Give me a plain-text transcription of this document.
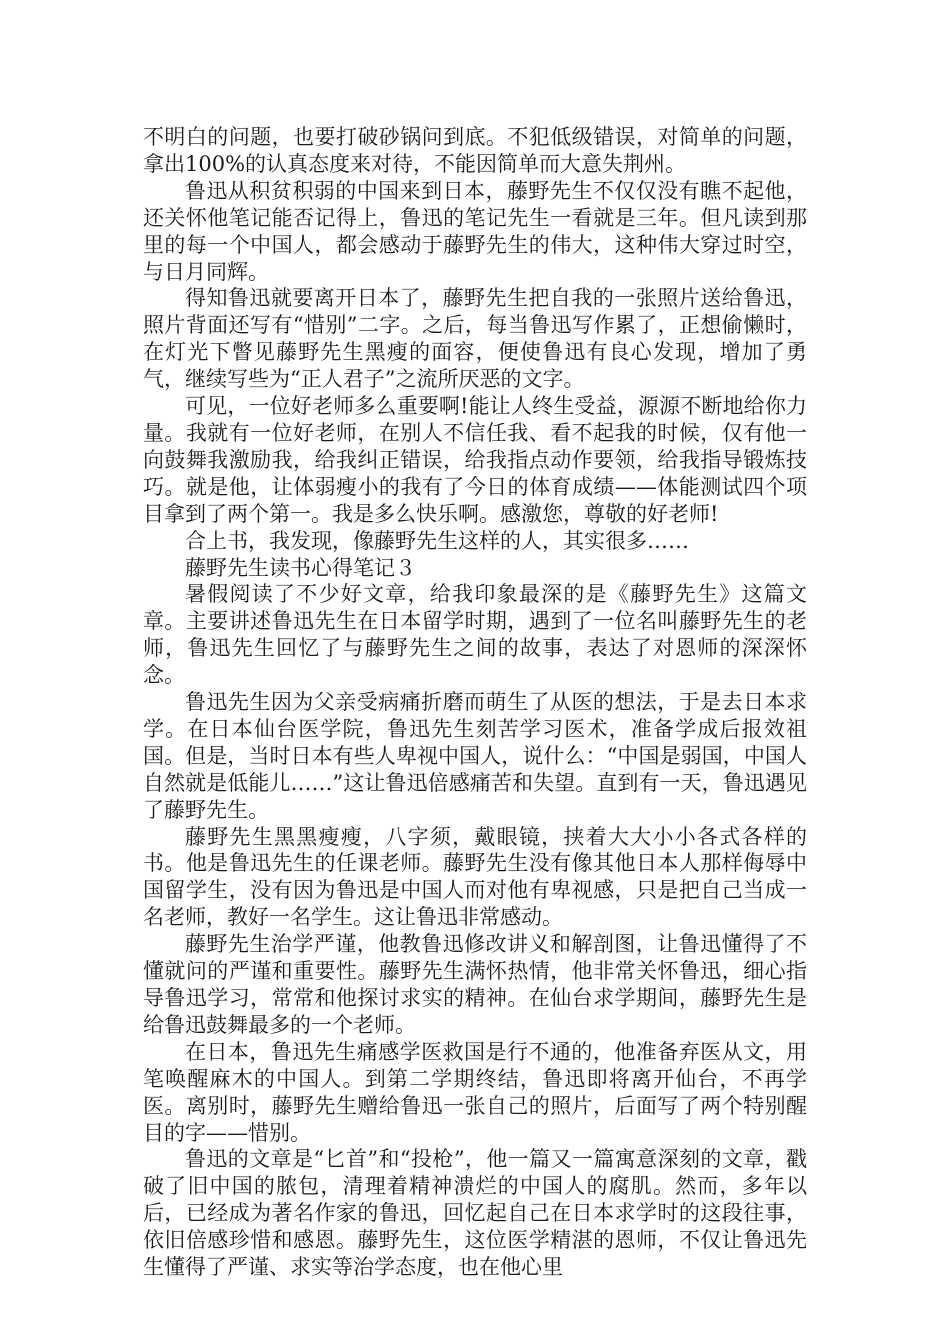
不明白的问题，也要打破砂锅问到底。不犯低级错误，对简单的问题，拿出100%的认真态度来对待，不能因简单而大意失荆州。

鲁迅从积贫积弱的中国来到日本，藤野先生不仅仅没有瞧不起他，还关怀他笔记能否记得上，鲁迅的笔记先生一看就是三年。但凡读到那里的每一个中国人，都会感动于藤野先生的伟大，这种伟大穿过时空，与日月同辉。

得知鲁迅就要离开日本了，藤野先生把自我的一张照片送给鲁迅，照片背面还写有“惜别”二字。之后，每当鲁迅写作累了，正想偷懒时，在灯光下瞥见藤野先生黑瘦的面容，便使鲁迅有良心发现，增加了勇气，继续写些为“正人君子”之流所厌恶的文字。

可见，一位好老师多么重要啊!能让人终生受益，源源不断地给你力量。我就有一位好老师，在别人不信任我、看不起我的时候，仅有他一向鼓舞我激励我，给我纠正错误，给我指点动作要领，给我指导锻炼技巧。就是他，让体弱瘦小的我有了今日的体育成绩——体能测试四个项目拿到了两个第一。我是多么快乐啊。感激您，尊敬的好老师!

合上书，我发现，像藤野先生这样的人，其实很多……

藤野先生读书心得笔记３

暑假阅读了不少好文章，给我印象最深的是《藤野先生》这篇文章。主要讲述鲁迅先生在日本留学时期，遇到了一位名叫藤野先生的老师，鲁迅先生回忆了与藤野先生之间的故事，表达了对恩师的深深怀念。

鲁迅先生因为父亲受病痛折磨而萌生了从医的想法，于是去日本求学。在日本仙台医学院，鲁迅先生刻苦学习医术，准备学成后报效祖国。但是，当时日本有些人卑视中国人，说什么：“中国是弱国，中国人自然就是低能儿……”这让鲁迅倍感痛苦和失望。直到有一天，鲁迅遇见了藤野先生。

藤野先生黑黑瘦瘦，八字须，戴眼镜，挟着大大小小各式各样的书。他是鲁迅先生的任课老师。藤野先生没有像其他日本人那样侮辱中国留学生，没有因为鲁迅是中国人而对他有卑视感，只是把自己当成一名老师，教好一名学生。这让鲁迅非常感动。

藤野先生治学严谨，他教鲁迅修改讲义和解剖图，让鲁迅懂得了不懂就问的严谨和重要性。藤野先生满怀热情，他非常关怀鲁迅，细心指导鲁迅学习，常常和他探讨求实的精神。在仙台求学期间，藤野先生是给鲁迅鼓舞最多的一个老师。

在日本，鲁迅先生痛感学医救国是行不通的，他准备弃医从文，用笔唤醒麻木的中国人。到第二学期终结，鲁迅即将离开仙台，不再学医。离别时，藤野先生赠给鲁迅一张自己的照片，后面写了两个特别醒目的字——惜别。

鲁迅的文章是“匕首”和“投枪”，他一篇又一篇寓意深刻的文章，戳破了旧中国的脓包，清理着精神溃烂的中国人的腐肌。然而，多年以后，已经成为著名作家的鲁迅，回忆起自己在日本求学时的这段往事，依旧倍感珍惜和感恩。藤野先生，这位医学精湛的恩师，不仅让鲁迅先生懂得了严谨、求实等治学态度，也在他心里
